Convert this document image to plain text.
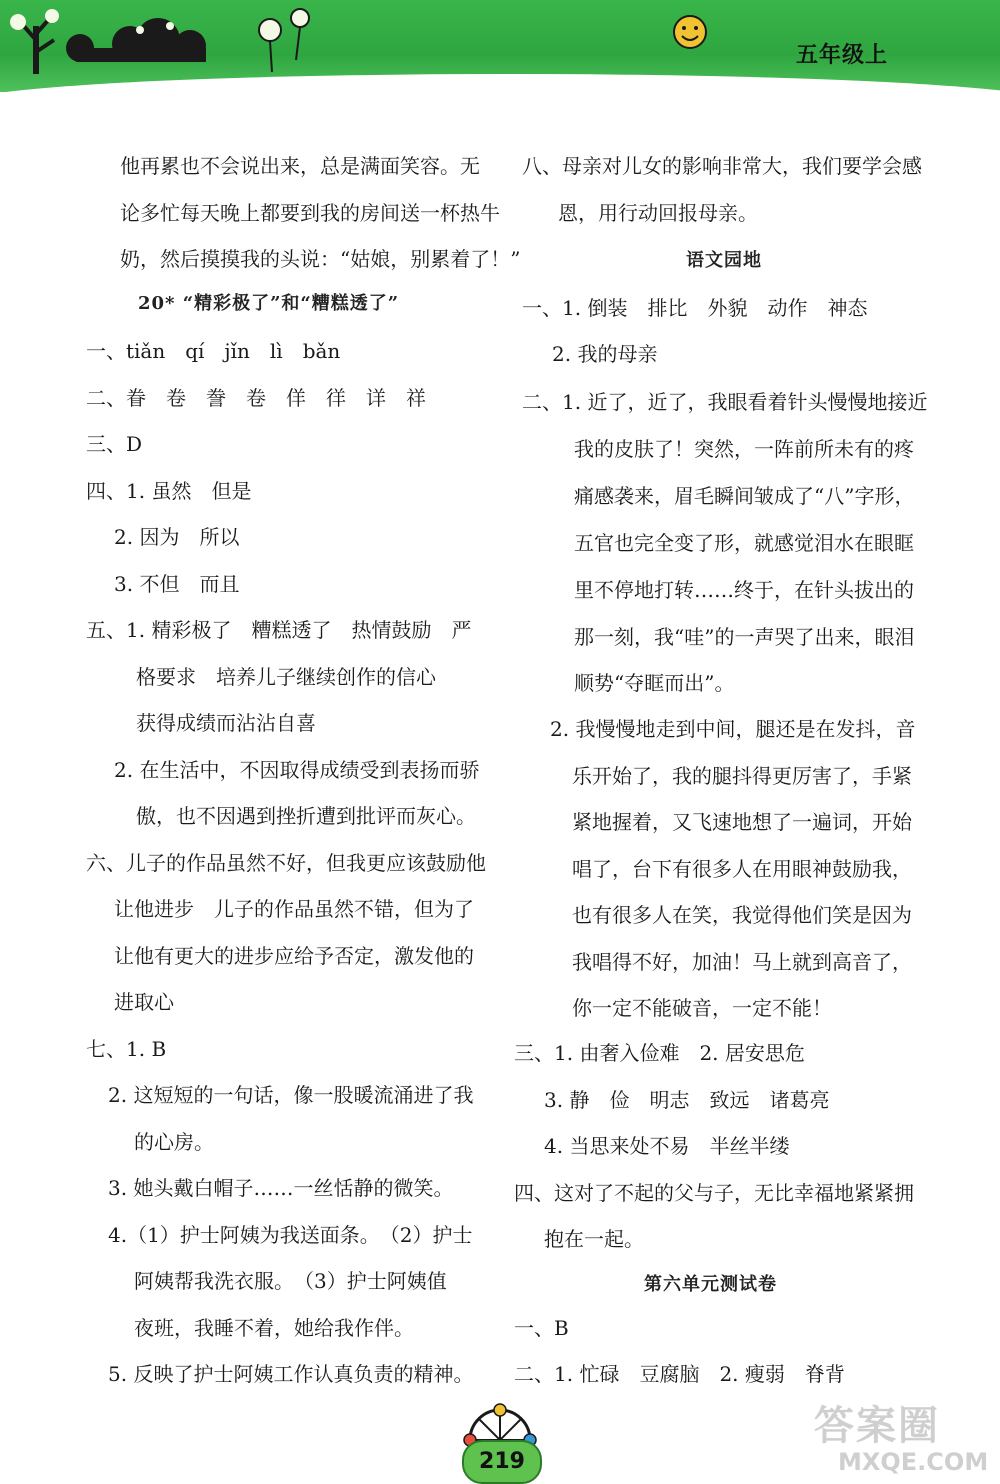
五年级上
他再累也不会说出来，总是满面笑容。无
论多忙每天晚上都要到我的房间送一杯热牛
奶，然后摸摸我的头说：“姑娘，别累着了！”
20* “精彩极了”和“糟糕透了”
一、tiǎn　qí　jǐn　lì　bǎn
二、眷　卷　誊　卷　佯　徉　详　祥
三、D
四、1. 虽然　但是
2. 因为　所以
3. 不但　而且
五、1. 精彩极了　糟糕透了　热情鼓励　严
格要求　培养儿子继续创作的信心
获得成绩而沾沾自喜
2. 在生活中，不因取得成绩受到表扬而骄
傲，也不因遇到挫折遭到批评而灰心。
六、儿子的作品虽然不好，但我更应该鼓励他
让他进步　儿子的作品虽然不错，但为了
让他有更大的进步应给予否定，激发他的
进取心
七、1. B
2. 这短短的一句话，像一股暖流涌进了我
的心房。
3. 她头戴白帽子……一丝恬静的微笑。
4.（1）护士阿姨为我送面条。　（2）护士
阿姨帮我洗衣服。　（3）护士阿姨值
夜班，我睡不着，她给我作伴。
5. 反映了护士阿姨工作认真负责的精神。
八、母亲对儿女的影响非常大，我们要学会感
恩，用行动回报母亲。
语文园地
一、1. 倒装　排比　外貌　动作　神态
2. 我的母亲
二、1. 近了，近了，我眼看着针头慢慢地接近
我的皮肤了！突然，一阵前所未有的疼
痛感袭来，眉毛瞬间皱成了“八”字形，
五官也完全变了形，就感觉泪水在眼眶
里不停地打转……终于，在针头拔出的
那一刻，我“哇”的一声哭了出来，眼泪
顺势“夺眶而出”。
2. 我慢慢地走到中间，腿还是在发抖，音
乐开始了，我的腿抖得更厉害了，手紧
紧地握着，又飞速地想了一遍词，开始
唱了，台下有很多人在用眼神鼓励我，
也有很多人在笑，我觉得他们笑是因为
我唱得不好，加油！马上就到高音了，
你一定不能破音，一定不能！
三、1. 由奢入俭难　2. 居安思危
3. 静　俭　明志　致远　诸葛亮
4. 当思来处不易　半丝半缕
四、这对了不起的父与子，无比幸福地紧紧拥
抱在一起。
第六单元测试卷
一、B
二、1. 忙碌　豆腐脑　2. 瘦弱　脊背
219
答案圈
MXQE.COM
